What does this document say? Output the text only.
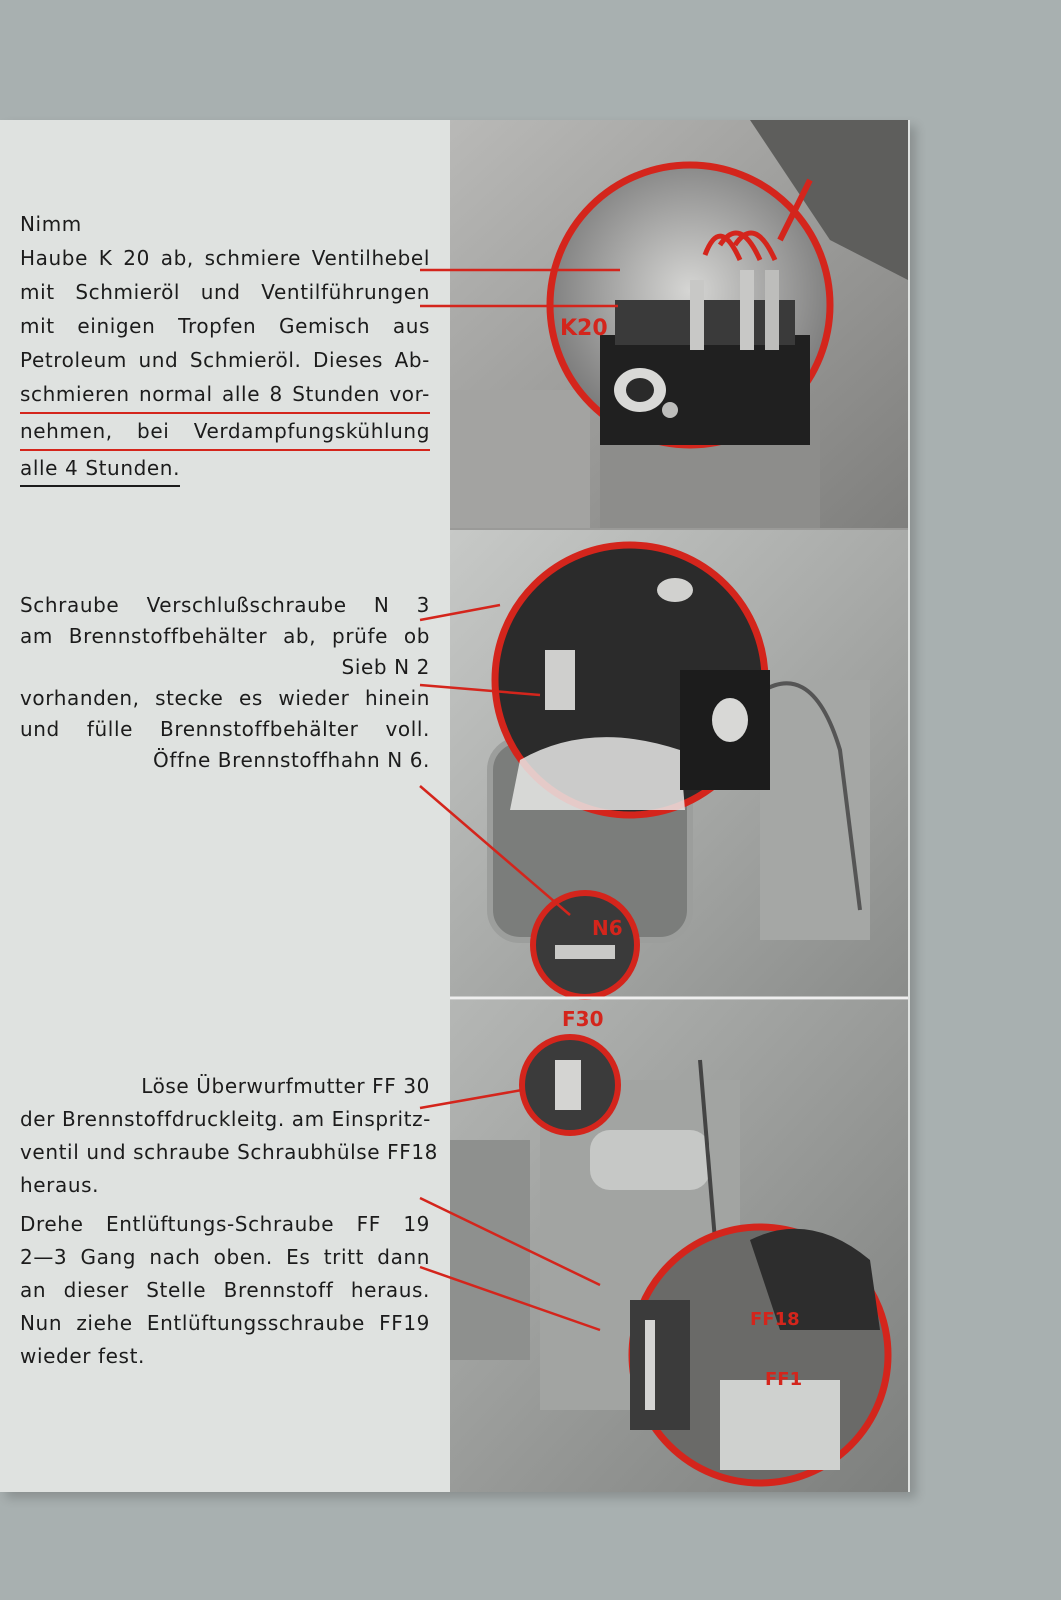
K20
N6
F30
FF18
FF1
Nimm
Haube K 20 ab, schmiere Ventilhebel
mit Schmieröl und Ventilführungen
mit einigen Tropfen Gemisch aus
Petroleum und Schmieröl. Dieses Ab-
schmieren normal alle 8 Stunden vor-
nehmen, bei Verdampfungskühlung
alle 4 Stunden.
Schraube Verschlußschraube N 3
am Brennstoffbehälter ab, prüfe ob
Sieb N 2
vorhanden, stecke es wieder hinein
und fülle Brennstoffbehälter voll.
Öffne Brennstoffhahn N 6.
Löse Überwurfmutter FF 30
der Brennstoffdruckleitg. am Einspritz-
ventil und schraube Schraubhülse FF18
heraus.
Drehe Entlüftungs-Schraube FF 19
2—3 Gang nach oben. Es tritt dann
an dieser Stelle Brennstoff heraus.
Nun ziehe Entlüftungsschraube FF19
wieder fest.
